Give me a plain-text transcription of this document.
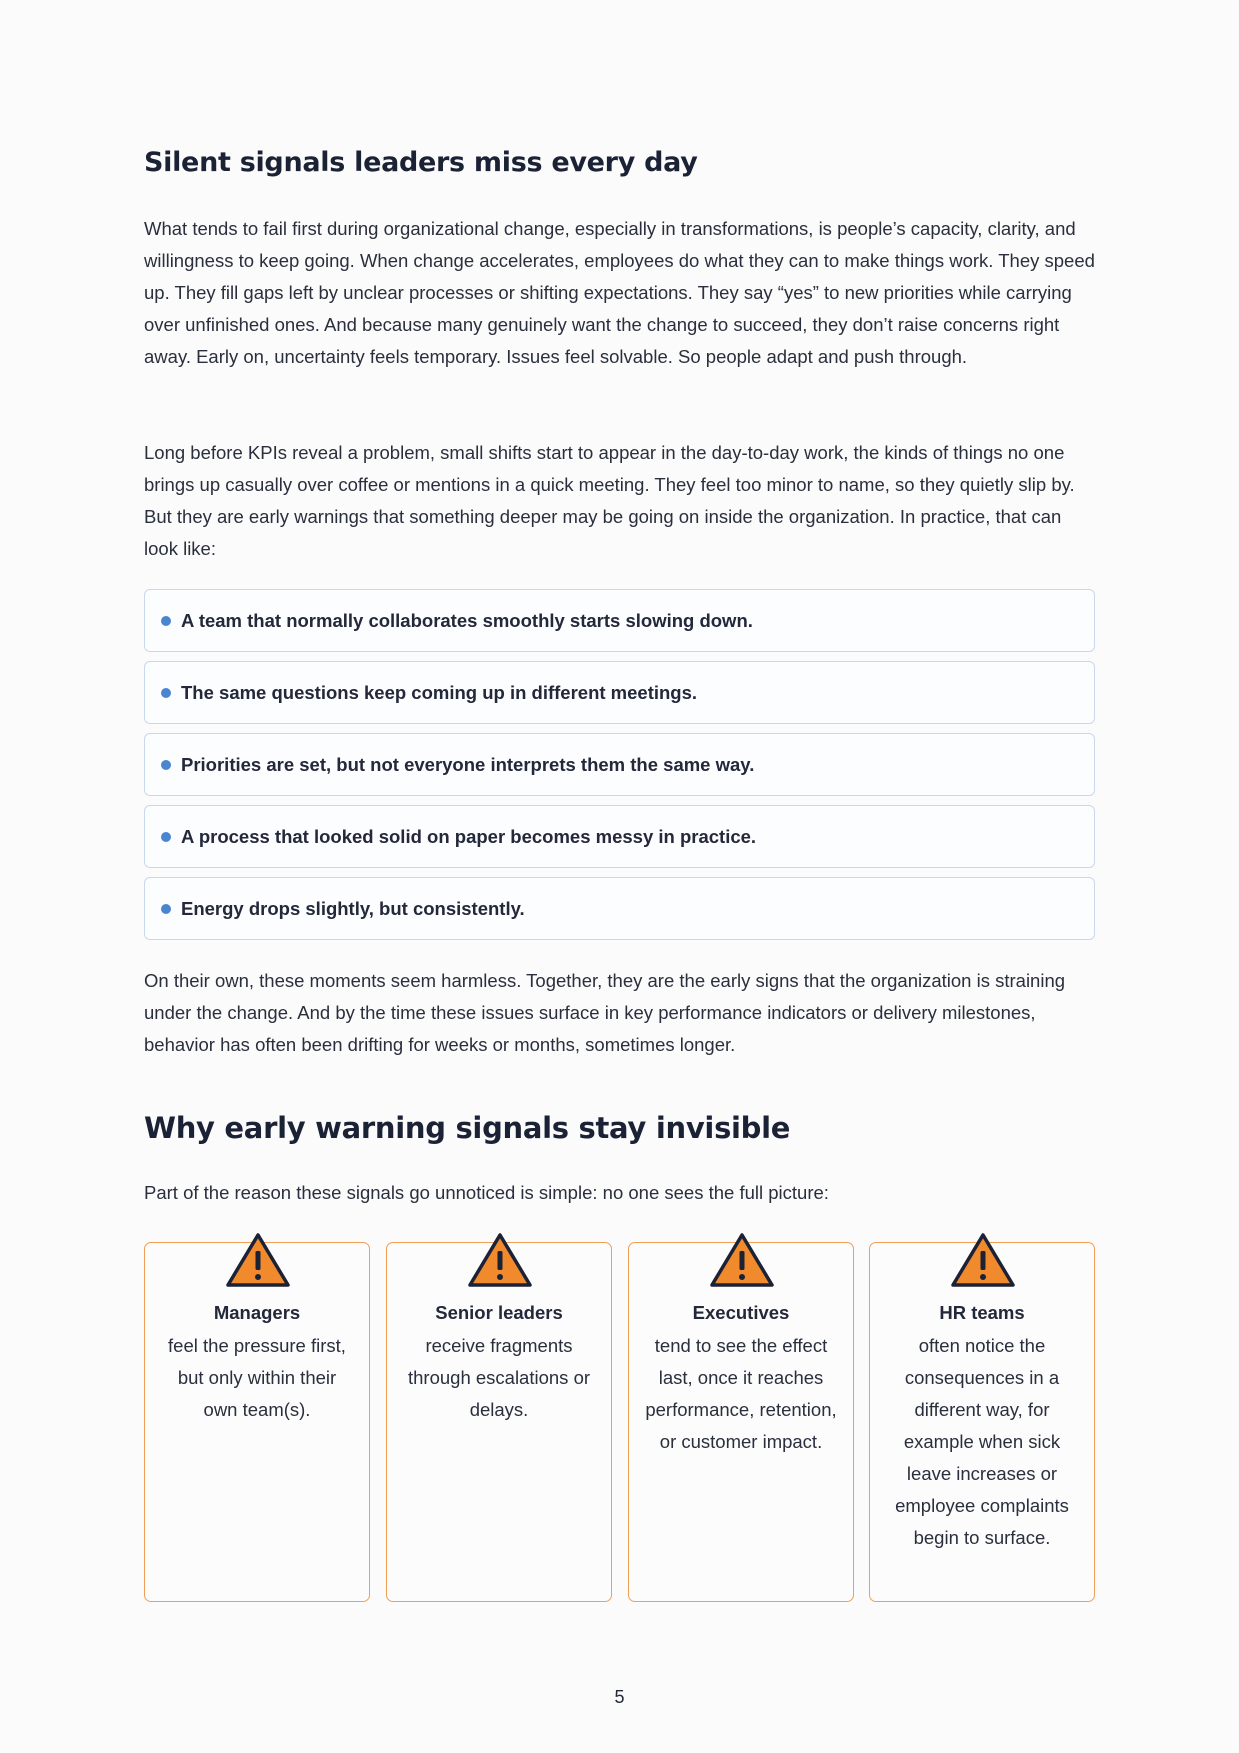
Silent signals leaders miss every day

What tends to fail first during organizational change, especially in transformations, is people’s capacity, clarity, and willingness to keep going. When change accelerates, employees do what they can to make things work. They speed up. They fill gaps left by unclear processes or shifting expectations. They say “yes” to new priorities while carrying over unfinished ones. And because many genuinely want the change to succeed, they don’t raise concerns right away. Early on, uncertainty feels temporary. Issues feel solvable. So people adapt and push through.

Long before KPIs reveal a problem, small shifts start to appear in the day-to-day work, the kinds of things no one brings up casually over coffee or mentions in a quick meeting. They feel too minor to name, so they quietly slip by. But they are early warnings that something deeper may be going on inside the organization. In practice, that can look like:

A team that normally collaborates smoothly starts slowing down.
The same questions keep coming up in different meetings.
Priorities are set, but not everyone interprets them the same way.
A process that looked solid on paper becomes messy in practice.
Energy drops slightly, but consistently.

On their own, these moments seem harmless. Together, they are the early signs that the organization is straining under the change. And by the time these issues surface in key performance indicators or delivery milestones, behavior has often been drifting for weeks or months, sometimes longer.

Why early warning signals stay invisible

Part of the reason these signals go unnoticed is simple: no one sees the full picture:

Managers
feel the pressure first, but only within their own team(s).
Senior leaders
receive fragments through escalations or delays.
Executives
tend to see the effect last, once it reaches performance, retention, or customer impact.
HR teams
often notice the consequences in a different way, for example when sick leave increases or employee complaints begin to surface.
5
